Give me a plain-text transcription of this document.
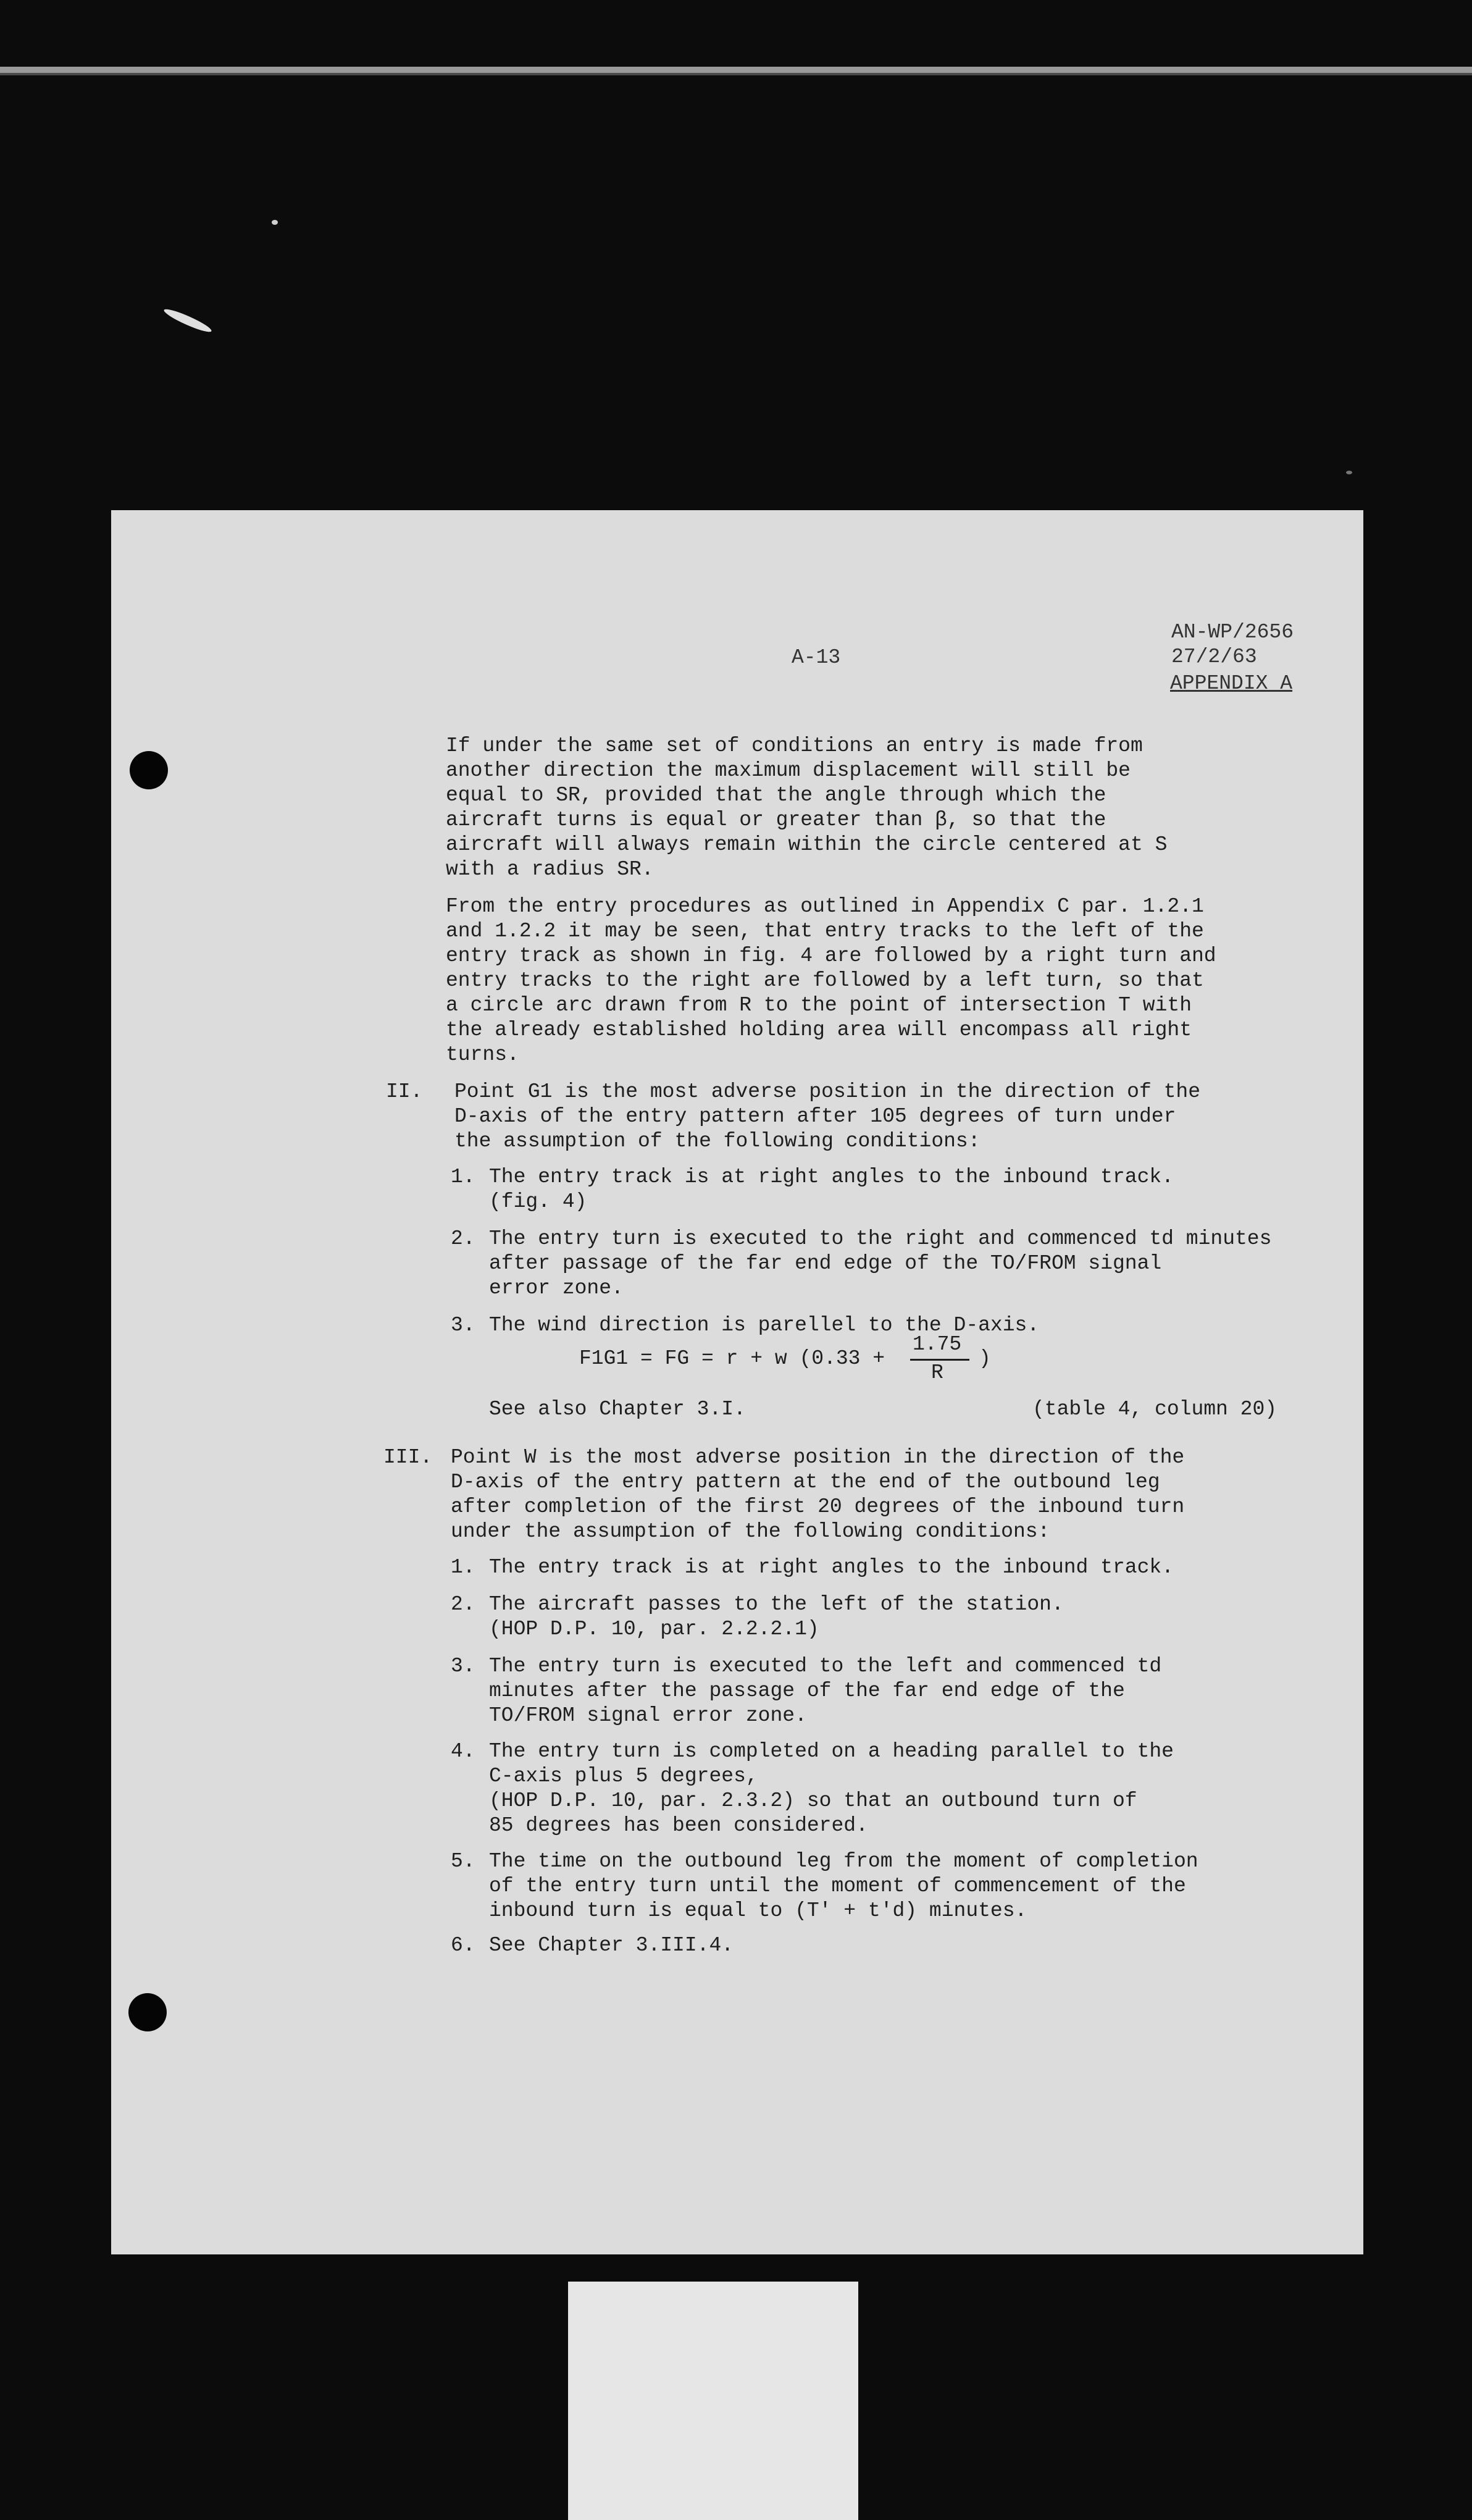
A-13
AN-WP/2656
27/2/63
APPENDIX A
If under the same set of conditions an entry is made from
another direction the maximum displacement will still be
equal to SR, provided that the angle through which the
aircraft turns is equal or greater than β, so that the
aircraft will always remain within the circle centered at S
with a radius SR.
From the entry procedures as outlined in Appendix C par. 1.2.1
and 1.2.2 it may be seen, that entry tracks to the left of the
entry track as shown in fig. 4 are followed by a right turn and
entry tracks to the right are followed by a left turn, so that
a circle arc drawn from R to the point of intersection T with
the already established holding area will encompass all right
turns.
II. Point G1 is the most adverse position in the direction of the
D-axis of the entry pattern after 105 degrees of turn under
the assumption of the following conditions:
1. The entry track is at right angles to the inbound track.
(fig. 4)
2. The entry turn is executed to the right and commenced td minutes
after passage of the far end edge of the TO/FROM signal
error zone.
3. The wind direction is parellel to the D-axis.
F1G1 = FG = r + w (0.33 +
1.75
R
)
See also Chapter 3.I.	(table 4, column 20)
III. Point W is the most adverse position in the direction of the
D-axis of the entry pattern at the end of the outbound leg
after completion of the first 20 degrees of the inbound turn
under the assumption of the following conditions:
1. The entry track is at right angles to the inbound track.
2. The aircraft passes to the left of the station.
(HOP D.P. 10, par. 2.2.2.1)
3. The entry turn is executed to the left and commenced td
minutes after the passage of the far end edge of the
TO/FROM signal error zone.
4. The entry turn is completed on a heading parallel to the
C-axis plus 5 degrees,
(HOP D.P. 10, par. 2.3.2) so that an outbound turn of
85 degrees has been considered.
5. The time on the outbound leg from the moment of completion
of the entry turn until the moment of commencement of the
inbound turn is equal to (T' + t'd) minutes.
6. See Chapter 3.III.4.
